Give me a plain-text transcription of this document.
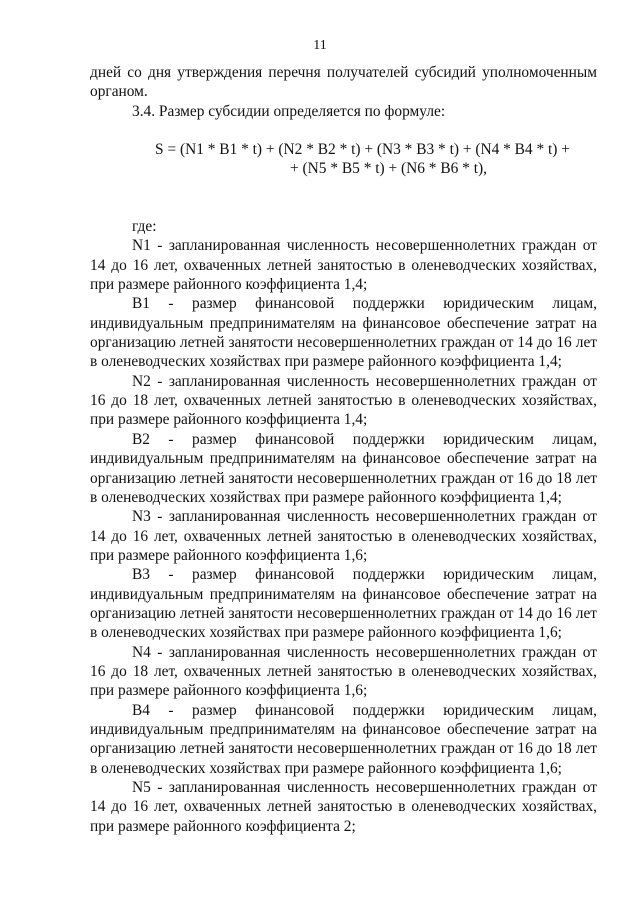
11

дней со дня утверждения перечня получателей субсидий уполномоченным органом.

3.4. Размер субсидии определяется по формуле:

S = (N1 * B1 * t) + (N2 * B2 * t) + (N3 * B3 * t) + (N4 * B4 * t) +
+ (N5 * B5 * t) + (N6 * B6 * t),

где:

N1 - запланированная численность несовершеннолетних граждан от 14 до 16 лет, охваченных летней занятостью в оленеводческих хозяйствах, при размере районного коэффициента 1,4;

B1 - размер финансовой поддержки юридическим лицам, индивидуальным предпринимателям на финансовое обеспечение затрат на организацию летней занятости несовершеннолетних граждан от 14 до 16 лет в оленеводческих хозяйствах при размере районного коэффициента 1,4;

N2 - запланированная численность несовершеннолетних граждан от 16 до 18 лет, охваченных летней занятостью в оленеводческих хозяйствах, при размере районного коэффициента 1,4;

B2 - размер финансовой поддержки юридическим лицам, индивидуальным предпринимателям на финансовое обеспечение затрат на организацию летней занятости несовершеннолетних граждан от 16 до 18 лет в оленеводческих хозяйствах при размере районного коэффициента 1,4;

N3 - запланированная численность несовершеннолетних граждан от 14 до 16 лет, охваченных летней занятостью в оленеводческих хозяйствах, при размере районного коэффициента 1,6;

B3 - размер финансовой поддержки юридическим лицам, индивидуальным предпринимателям на финансовое обеспечение затрат на организацию летней занятости несовершеннолетних граждан от 14 до 16 лет в оленеводческих хозяйствах при размере районного коэффициента 1,6;

N4 - запланированная численность несовершеннолетних граждан от 16 до 18 лет, охваченных летней занятостью в оленеводческих хозяйствах, при размере районного коэффициента 1,6;

B4 - размер финансовой поддержки юридическим лицам, индивидуальным предпринимателям на финансовое обеспечение затрат на организацию летней занятости несовершеннолетних граждан от 16 до 18 лет в оленеводческих хозяйствах при размере районного коэффициента 1,6;

N5 - запланированная численность несовершеннолетних граждан от 14 до 16 лет, охваченных летней занятостью в оленеводческих хозяйствах, при размере районного коэффициента 2;
